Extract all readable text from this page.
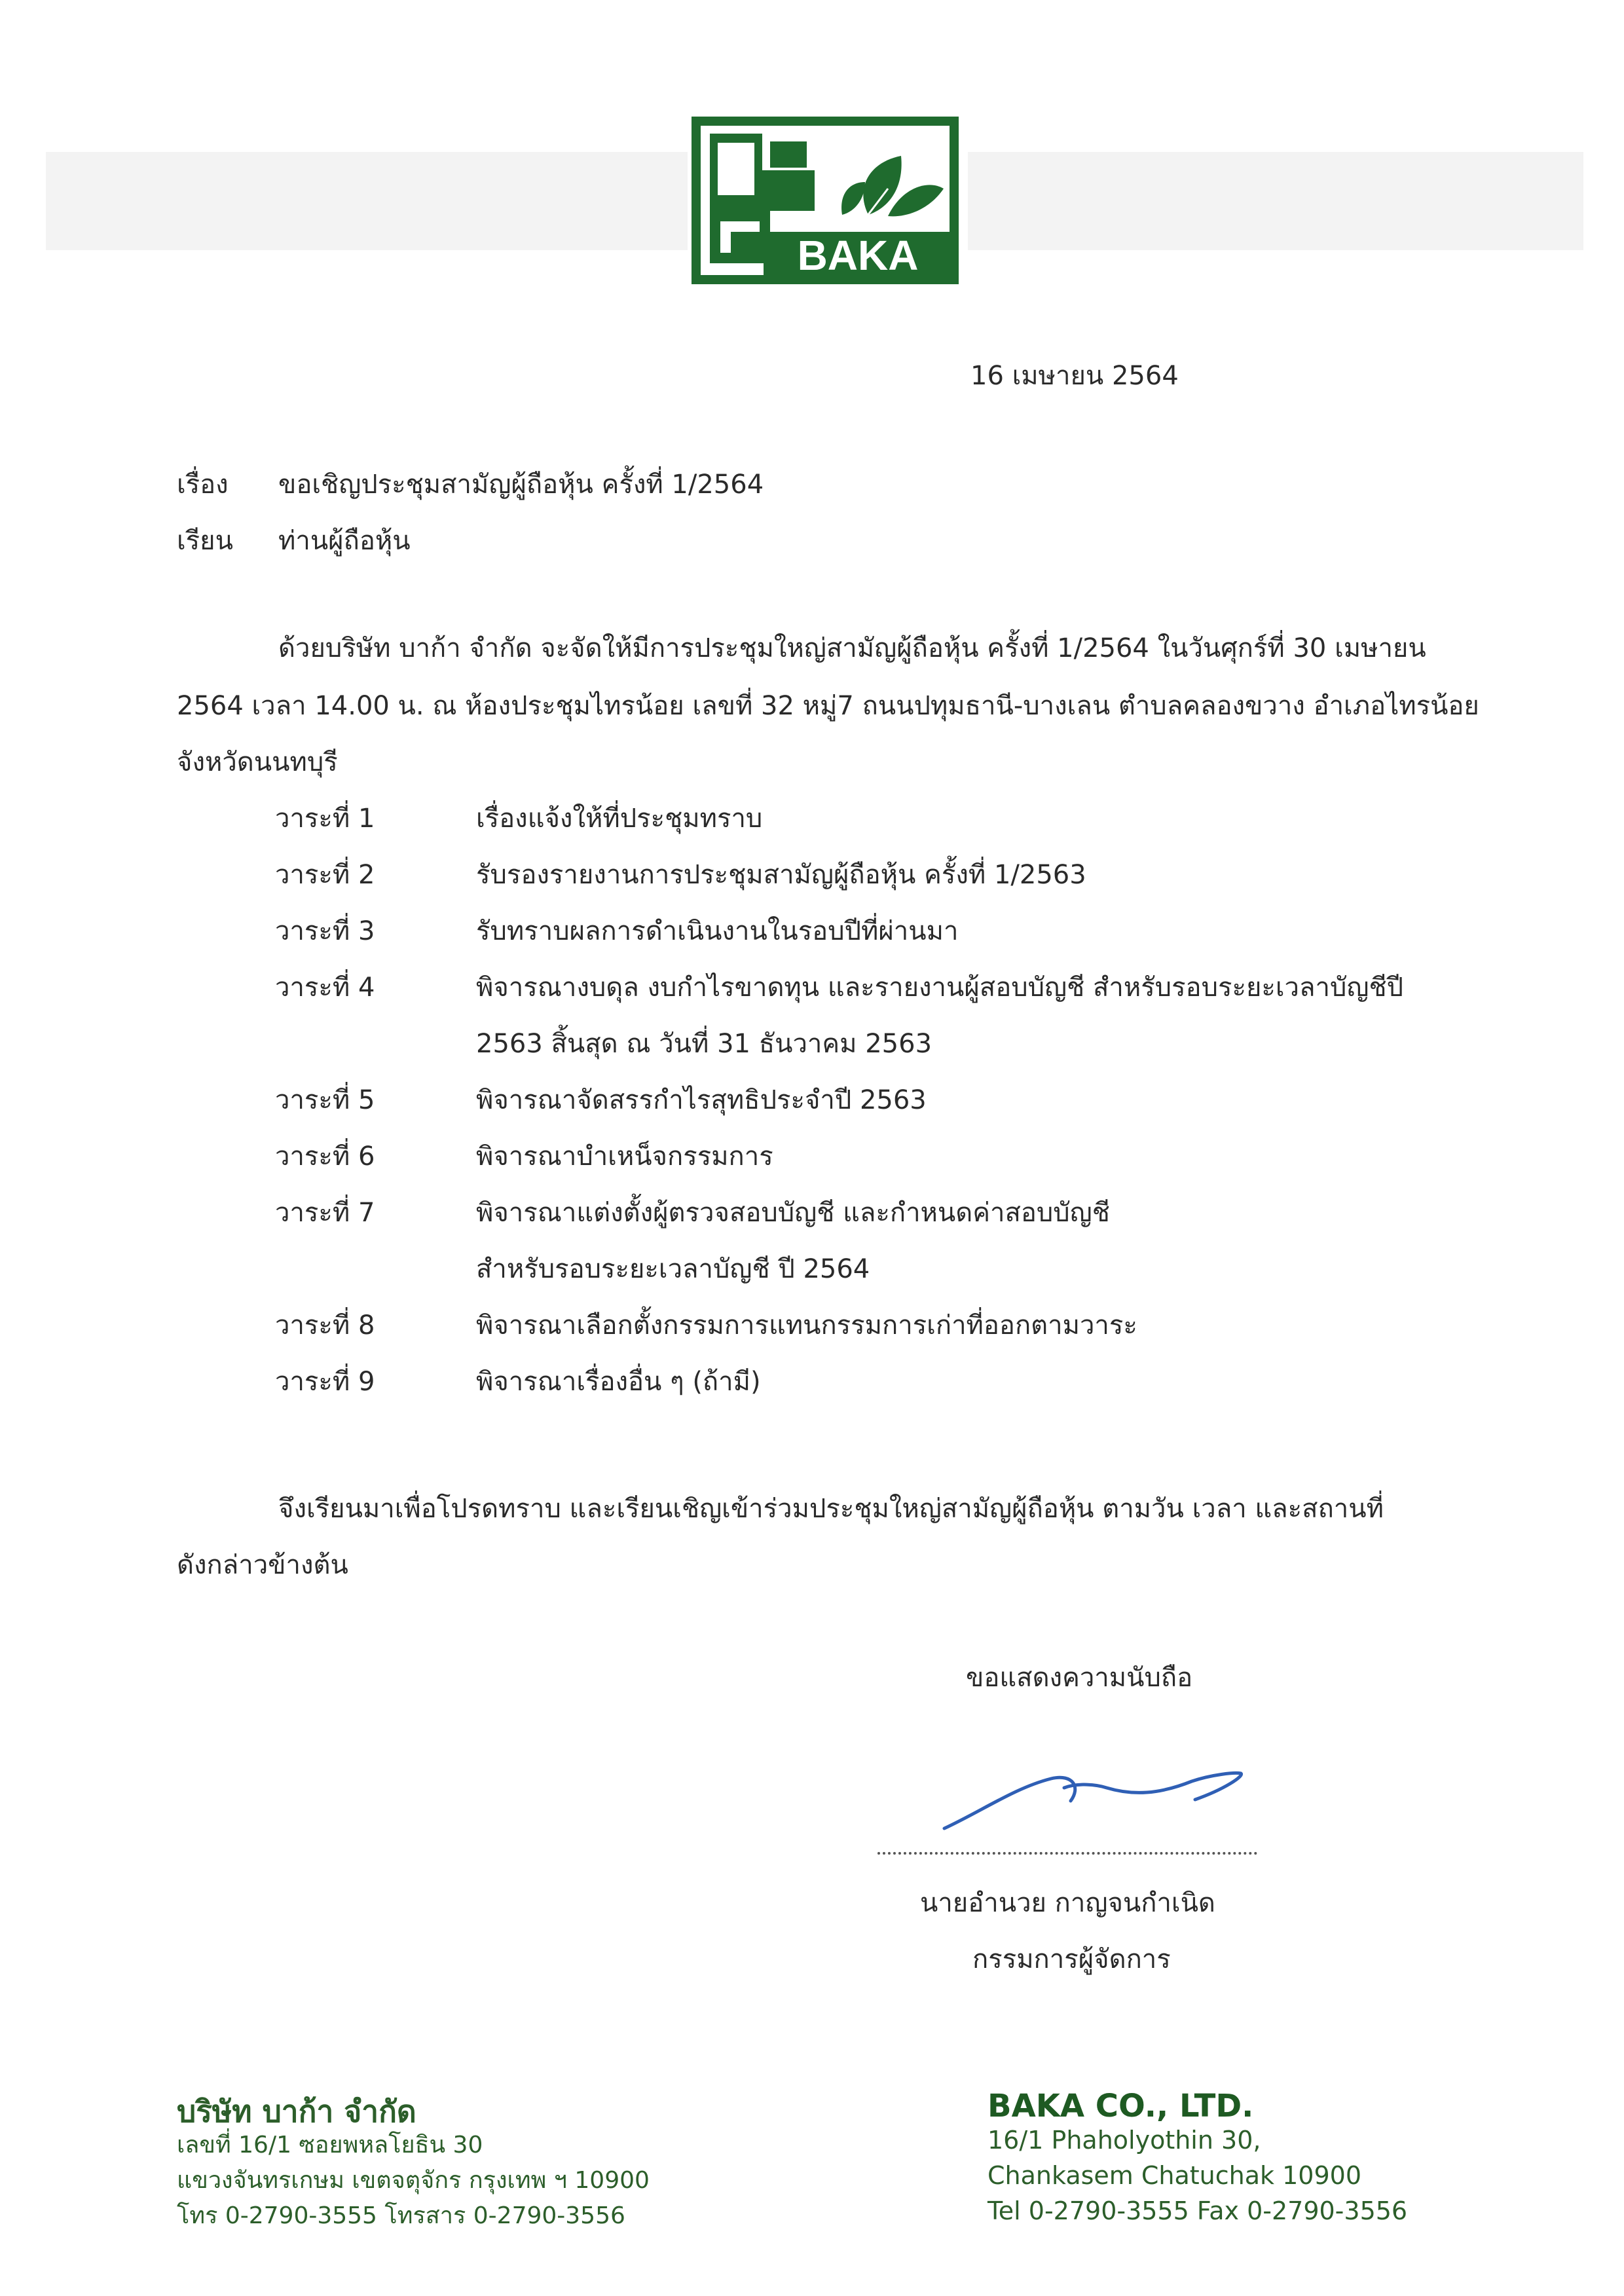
BAKA
16 เมษายน 2564
เรื่อง ขอเชิญประชุมสามัญผู้ถือหุ้น ครั้งที่ 1/2564
เรียน ท่านผู้ถือหุ้น
ด้วยบริษัท บาก้า จำกัด จะจัดให้มีการประชุมใหญ่สามัญผู้ถือหุ้น ครั้งที่ 1/2564 ในวันศุกร์ที่ 30 เมษายน
2564 เวลา 14.00 น. ณ ห้องประชุมไทรน้อย เลขที่ 32 หมู่7 ถนนปทุมธานี-บางเลน ตำบลคลองขวาง อำเภอไทรน้อย
จังหวัดนนทบุรี
วาระที่ 1	เรื่องแจ้งให้ที่ประชุมทราบ
วาระที่ 2	รับรองรายงานการประชุมสามัญผู้ถือหุ้น ครั้งที่ 1/2563
วาระที่ 3	รับทราบผลการดำเนินงานในรอบปีที่ผ่านมา
วาระที่ 4	พิจารณางบดุล งบกำไรขาดทุน และรายงานผู้สอบบัญชี สำหรับรอบระยะเวลาบัญชีปี
2563 สิ้นสุด ณ วันที่ 31 ธันวาคม 2563
วาระที่ 5	พิจารณาจัดสรรกำไรสุทธิประจำปี 2563
วาระที่ 6	พิจารณาบำเหน็จกรรมการ
วาระที่ 7	พิจารณาแต่งตั้งผู้ตรวจสอบบัญชี และกำหนดค่าสอบบัญชี
สำหรับรอบระยะเวลาบัญชี ปี 2564
วาระที่ 8	พิจารณาเลือกตั้งกรรมการแทนกรรมการเก่าที่ออกตามวาระ
วาระที่ 9	พิจารณาเรื่องอื่น ๆ (ถ้ามี)
จึงเรียนมาเพื่อโปรดทราบ และเรียนเชิญเข้าร่วมประชุมใหญ่สามัญผู้ถือหุ้น ตามวัน เวลา และสถานที่
ดังกล่าวข้างต้น
ขอแสดงความนับถือ
นายอำนวย กาญจนกำเนิด
กรรมการผู้จัดการ
บริษัท บาก้า จำกัด
เลขที่ 16/1 ซอยพหลโยธิน 30
แขวงจันทรเกษม เขตจตุจักร กรุงเทพ ฯ 10900
โทร 0-2790-3555 โทรสาร 0-2790-3556
BAKA CO., LTD.
16/1 Phaholyothin 30,
Chankasem Chatuchak 10900
Tel 0-2790-3555 Fax 0-2790-3556
